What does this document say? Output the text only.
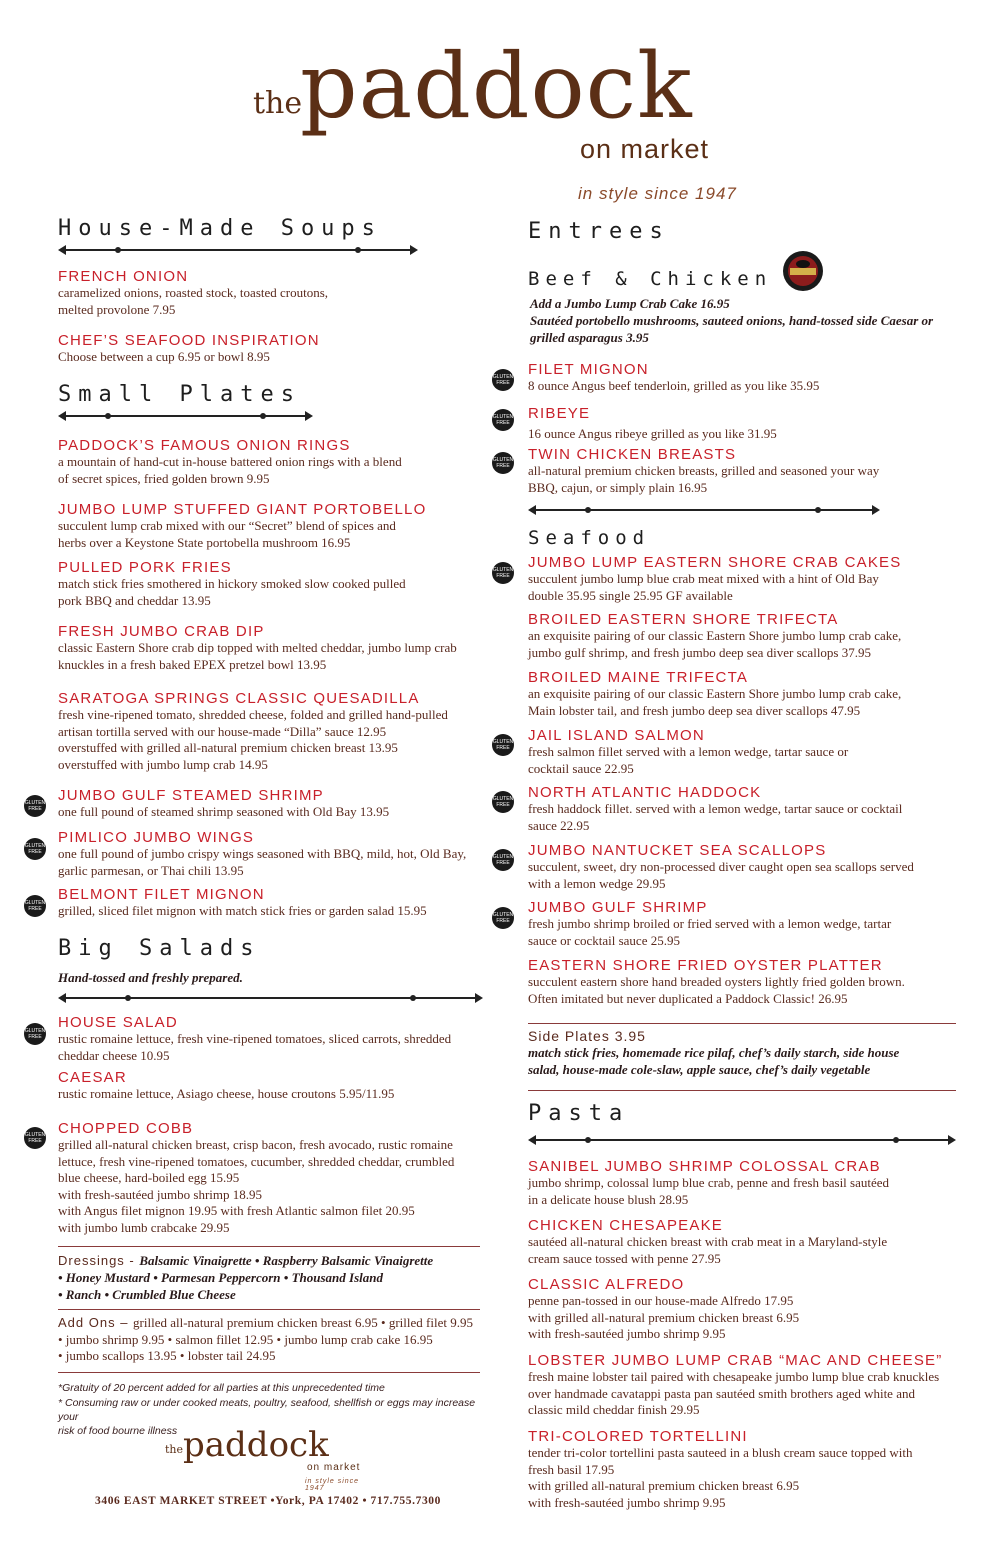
the
paddock
on market
in style since 1947
House-Made Soups
FRENCH ONION
caramelized onions, roasted stock, toasted croutons,
melted provolone 7.95
CHEF’S SEAFOOD INSPIRATION
Choose between a cup 6.95 or bowl 8.95
Small Plates
PADDOCK’S FAMOUS ONION RINGS
a mountain of hand-cut in-house battered onion rings with a blend
of secret spices, fried golden brown 9.95
JUMBO LUMP STUFFED GIANT PORTOBELLO
succulent lump crab mixed with our “Secret” blend of spices and
herbs over a Keystone State portobella mushroom 16.95
PULLED PORK FRIES
match stick fries smothered in hickory smoked slow cooked pulled
pork BBQ and cheddar 13.95
FRESH JUMBO CRAB DIP
classic Eastern Shore crab dip topped with melted cheddar, jumbo lump crab
knuckles in a fresh baked EPEX pretzel bowl 13.95
SARATOGA SPRINGS CLASSIC QUESADILLA
fresh vine-ripened tomato, shredded cheese, folded and grilled hand-pulled
artisan tortilla served with our house-made “Dilla” sauce 12.95
overstuffed with grilled all-natural premium chicken breast 13.95
overstuffed with jumbo lump crab 14.95
GLUTEN
FREE
JUMBO GULF STEAMED SHRIMP
one full pound of steamed shrimp seasoned with Old Bay 13.95
GLUTEN
FREE
PIMLICO JUMBO WINGS
one full pound of jumbo crispy wings seasoned with BBQ, mild, hot, Old Bay,
garlic parmesan, or Thai chili 13.95
GLUTEN
FREE
BELMONT FILET MIGNON
grilled, sliced filet mignon with match stick fries or garden salad 15.95
Big Salads
Hand-tossed and freshly prepared.
GLUTEN
FREE
HOUSE SALAD
rustic romaine lettuce, fresh vine-ripened tomatoes, sliced carrots, shredded
cheddar cheese 10.95
CAESAR
rustic romaine lettuce, Asiago cheese, house croutons 5.95/11.95
GLUTEN
FREE
CHOPPED COBB
grilled all-natural chicken breast, crisp bacon, fresh avocado, rustic romaine
lettuce, fresh vine-ripened tomatoes, cucumber, shredded cheddar, crumbled
blue cheese, hard-boiled egg 15.95
with fresh-sautéed jumbo shrimp 18.95
with Angus filet mignon 19.95 with fresh Atlantic salmon filet 20.95
with jumbo lumb crabcake 29.95
Dressings - Balsamic Vinaigrette • Raspberry Balsamic Vinaigrette
• Honey Mustard • Parmesan Peppercorn • Thousand Island
• Ranch • Crumbled Blue Cheese
Add Ons – grilled all-natural premium chicken breast 6.95 • grilled filet 9.95
• jumbo shrimp 9.95 • salmon fillet 12.95 • jumbo lump crab cake 16.95
• jumbo scallops 13.95 • lobster tail 24.95
*Gratuity of 20 percent added for all parties at this unprecedented time
* Consuming raw or under cooked meats, poultry, seafood, shellfish or eggs may increase your
risk of food bourne illness
the paddock
on market
in style since 1947
3406 EAST MARKET STREET •York, PA 17402 • 717.755.7300
Entrees
Beef & Chicken
Add a Jumbo Lump Crab Cake 16.95
Sautéed portobello mushrooms, sauteed onions, hand-tossed side Caesar or
grilled asparagus 3.95
GLUTEN
FREE
FILET MIGNON
8 ounce Angus beef tenderloin, grilled as you like 35.95
GLUTEN
FREE
RIBEYE
16 ounce Angus ribeye grilled as you like 31.95
GLUTEN
FREE
TWIN CHICKEN BREASTS
all-natural premium chicken breasts, grilled and seasoned your way
BBQ, cajun, or simply plain 16.95
Seafood
GLUTEN
FREE
JUMBO LUMP EASTERN SHORE CRAB CAKES
succulent jumbo lump blue crab meat mixed with a hint of Old Bay
double 35.95 single 25.95 GF available
BROILED EASTERN SHORE TRIFECTA
an exquisite pairing of our classic Eastern Shore jumbo lump crab cake,
jumbo gulf shrimp, and fresh jumbo deep sea diver scallops 37.95
BROILED MAINE TRIFECTA
an exquisite pairing of our classic Eastern Shore jumbo lump crab cake,
Main lobster tail, and fresh jumbo deep sea diver scallops 47.95
GLUTEN
FREE
JAIL ISLAND SALMON
fresh salmon fillet served with a lemon wedge, tartar sauce or
cocktail sauce 22.95
GLUTEN
FREE
NORTH ATLANTIC HADDOCK
fresh haddock fillet. served with a lemon wedge, tartar sauce or cocktail
sauce 22.95
GLUTEN
FREE
JUMBO NANTUCKET SEA SCALLOPS
succulent, sweet, dry non-processed diver caught open sea scallops served
with a lemon wedge 29.95
GLUTEN
FREE
JUMBO GULF SHRIMP
fresh jumbo shrimp broiled or fried served with a lemon wedge, tartar
sauce or cocktail sauce 25.95
EASTERN SHORE FRIED OYSTER PLATTER
succulent eastern shore hand breaded oysters lightly fried golden brown.
Often imitated but never duplicated a Paddock Classic! 26.95
Side Plates 3.95
match stick fries, homemade rice pilaf, chef’s daily starch, side house
salad, house-made cole-slaw, apple sauce, chef’s daily vegetable
Pasta
SANIBEL JUMBO SHRIMP COLOSSAL CRAB
jumbo shrimp, colossal lump blue crab, penne and fresh basil sautéed
in a delicate house blush 28.95
CHICKEN CHESAPEAKE
sautéed all-natural chicken breast with crab meat in a Maryland-style
cream sauce tossed with penne 27.95
CLASSIC ALFREDO
penne pan-tossed in our house-made Alfredo 17.95
with grilled all-natural premium chicken breast 6.95
with fresh-sautéed jumbo shrimp 9.95
LOBSTER JUMBO LUMP CRAB “MAC AND CHEESE”
fresh maine lobster tail paired with chesapeake jumbo lump blue crab knuckles
over handmade cavatappi pasta pan sautéed smith brothers aged white and
classic mild cheddar finish 29.95
TRI-COLORED TORTELLINI
tender tri-color tortellini pasta sauteed in a blush cream sauce topped with
fresh basil 17.95
with grilled all-natural premium chicken breast 6.95
with fresh-sautéed jumbo shrimp 9.95
